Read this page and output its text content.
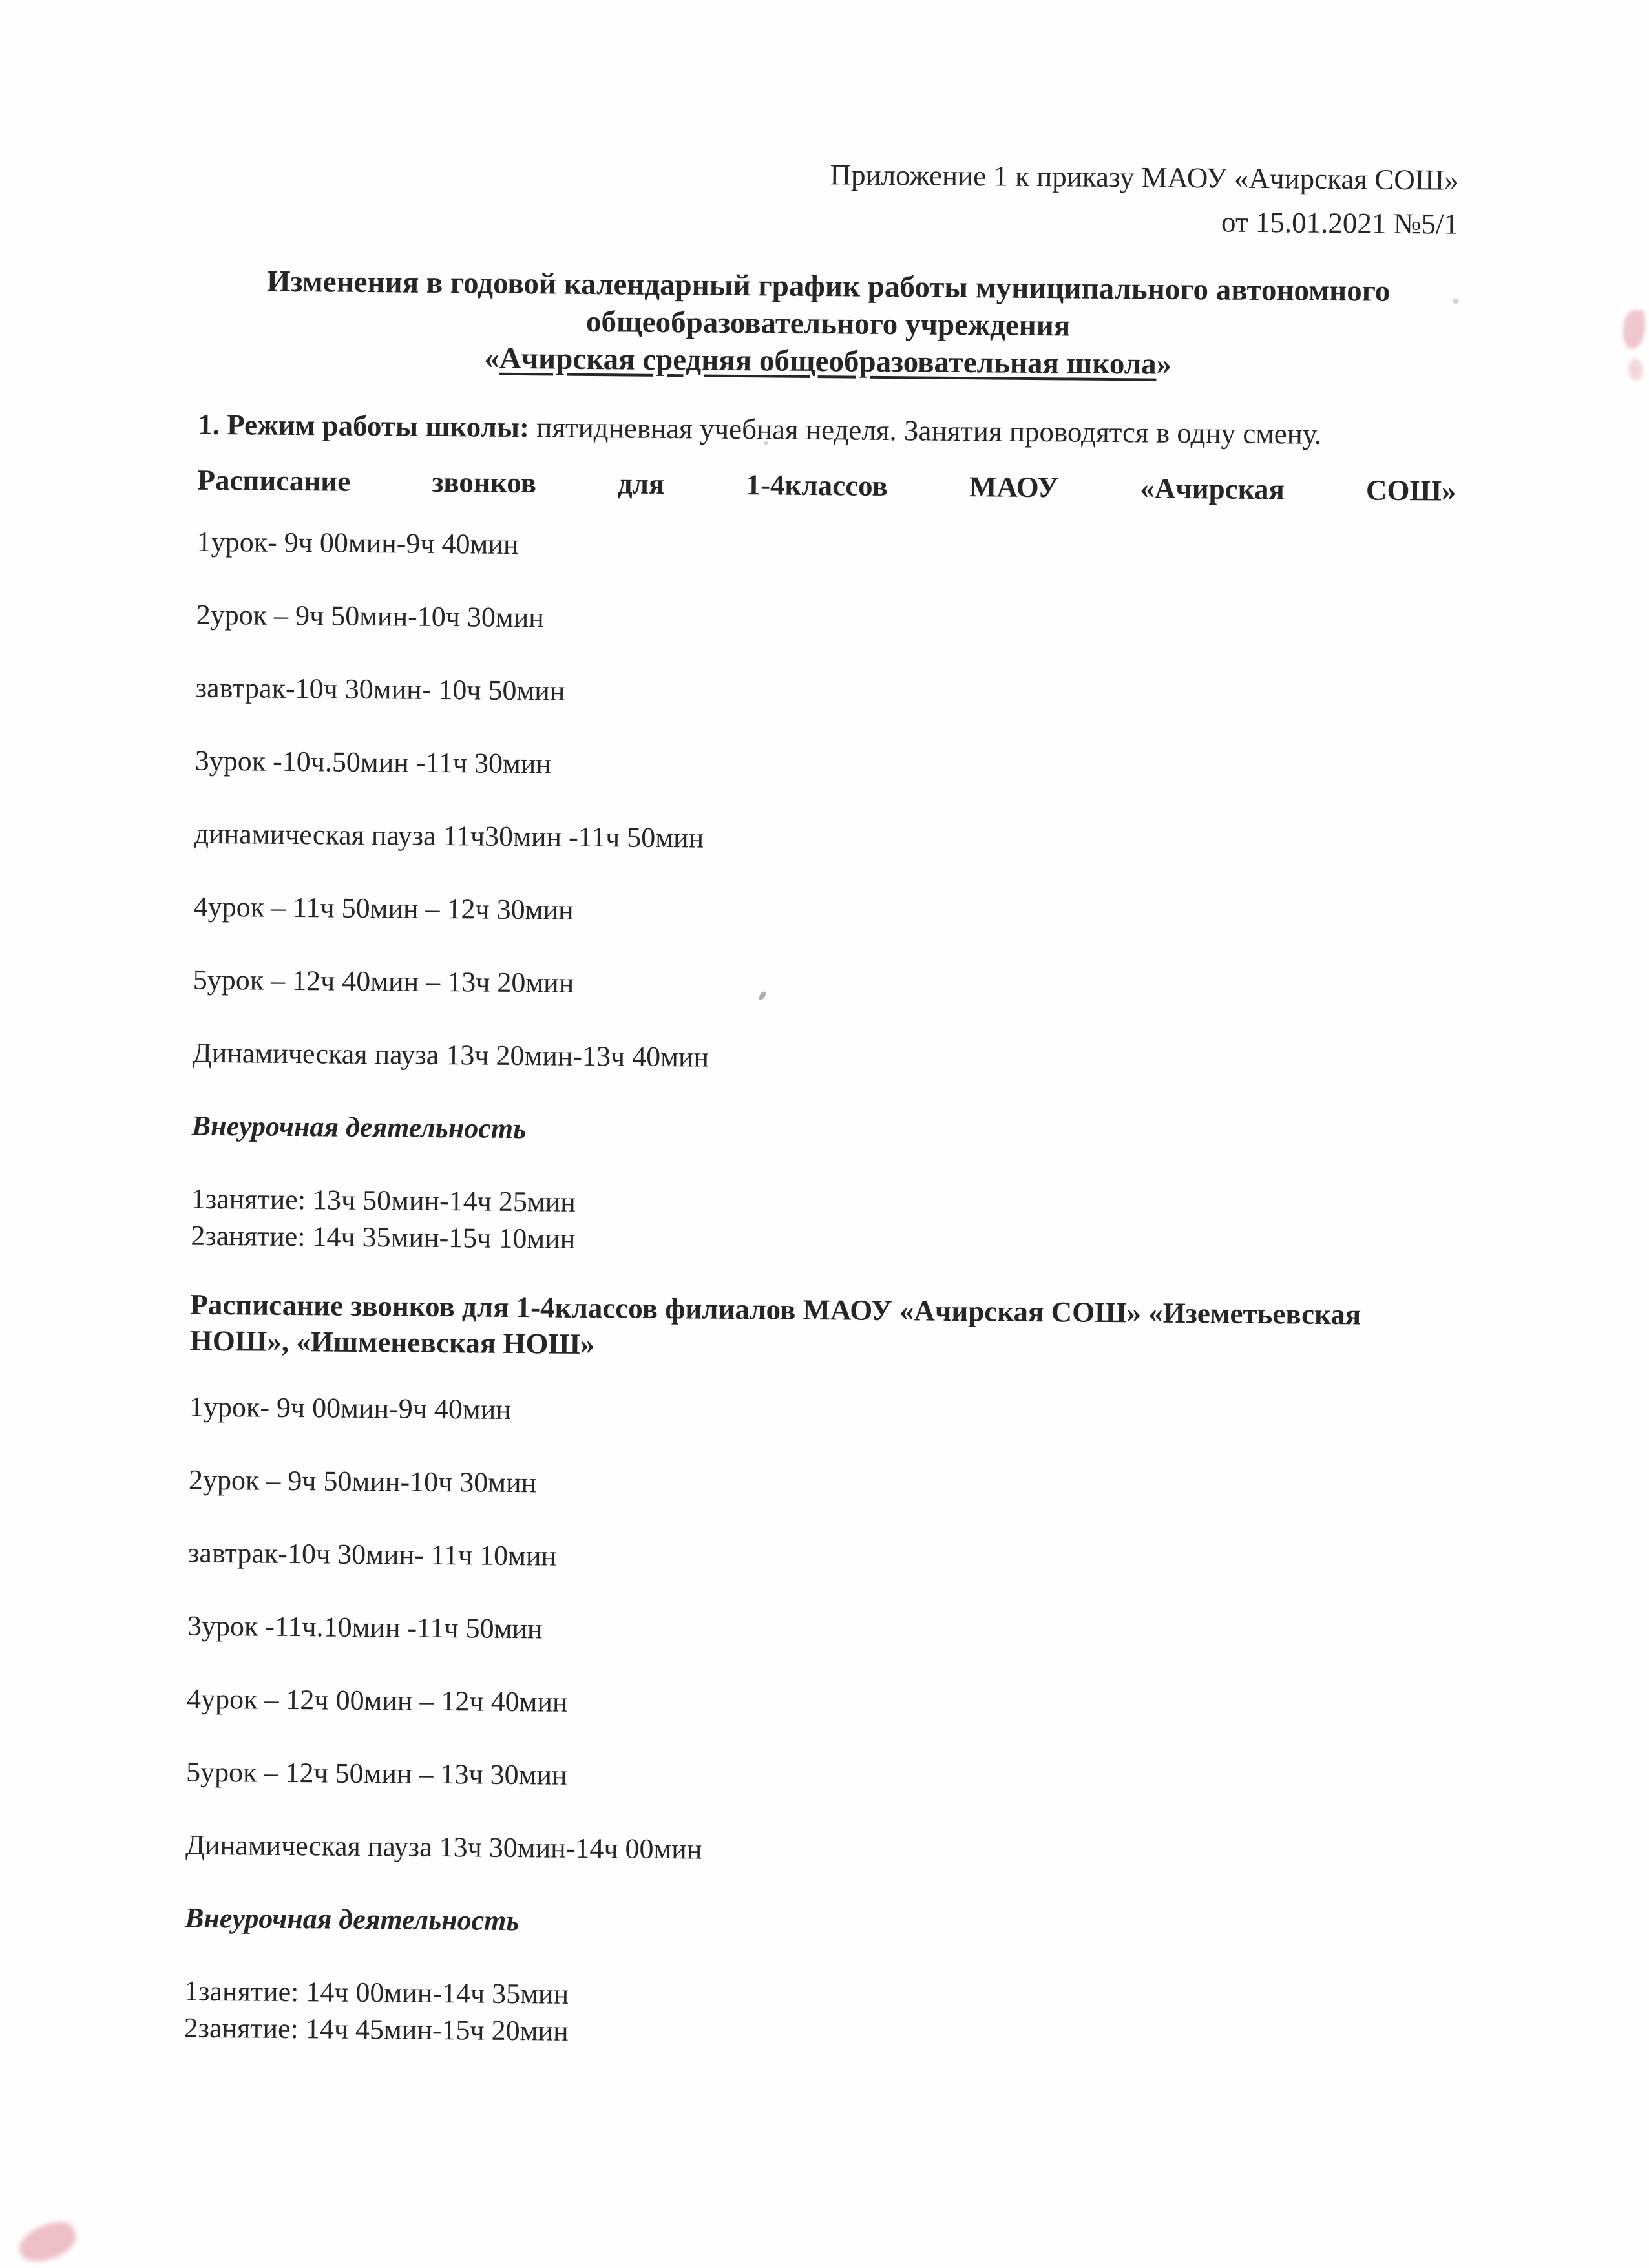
Приложение 1 к приказу МАОУ «Ачирская СОШ»
от 15.01.2021 №5/1
Изменения в годовой календарный график работы муниципального автономного
общеобразовательного учреждения
«Ачирская средняя общеобразовательная школа»
1. Режим работы школы: пятидневная учебная неделя. Занятия проводятся в одну смену.
Расписание	звонков	для	1-4классов	МАОУ	«Ачирская	СОШ»
1урок- 9ч 00мин-9ч 40мин
2урок – 9ч 50мин-10ч 30мин
завтрак-10ч 30мин- 10ч 50мин
3урок -10ч.50мин -11ч 30мин
динамическая пауза 11ч30мин -11ч 50мин
4урок – 11ч 50мин – 12ч 30мин
5урок – 12ч 40мин – 13ч 20мин
Динамическая пауза 13ч 20мин-13ч 40мин
Внеурочная деятельность
1занятие: 13ч 50мин-14ч 25мин
2занятие: 14ч 35мин-15ч 10мин
Расписание звонков для 1-4классов филиалов МАОУ «Ачирская СОШ» «Иземетьевская НОШ», «Ишменевская НОШ»
1урок- 9ч 00мин-9ч 40мин
2урок – 9ч 50мин-10ч 30мин
завтрак-10ч 30мин- 11ч 10мин
3урок -11ч.10мин -11ч 50мин
4урок – 12ч 00мин – 12ч 40мин
5урок – 12ч 50мин – 13ч 30мин
Динамическая пауза 13ч 30мин-14ч 00мин
Внеурочная деятельность
1занятие: 14ч 00мин-14ч 35мин
2занятие: 14ч 45мин-15ч 20мин
